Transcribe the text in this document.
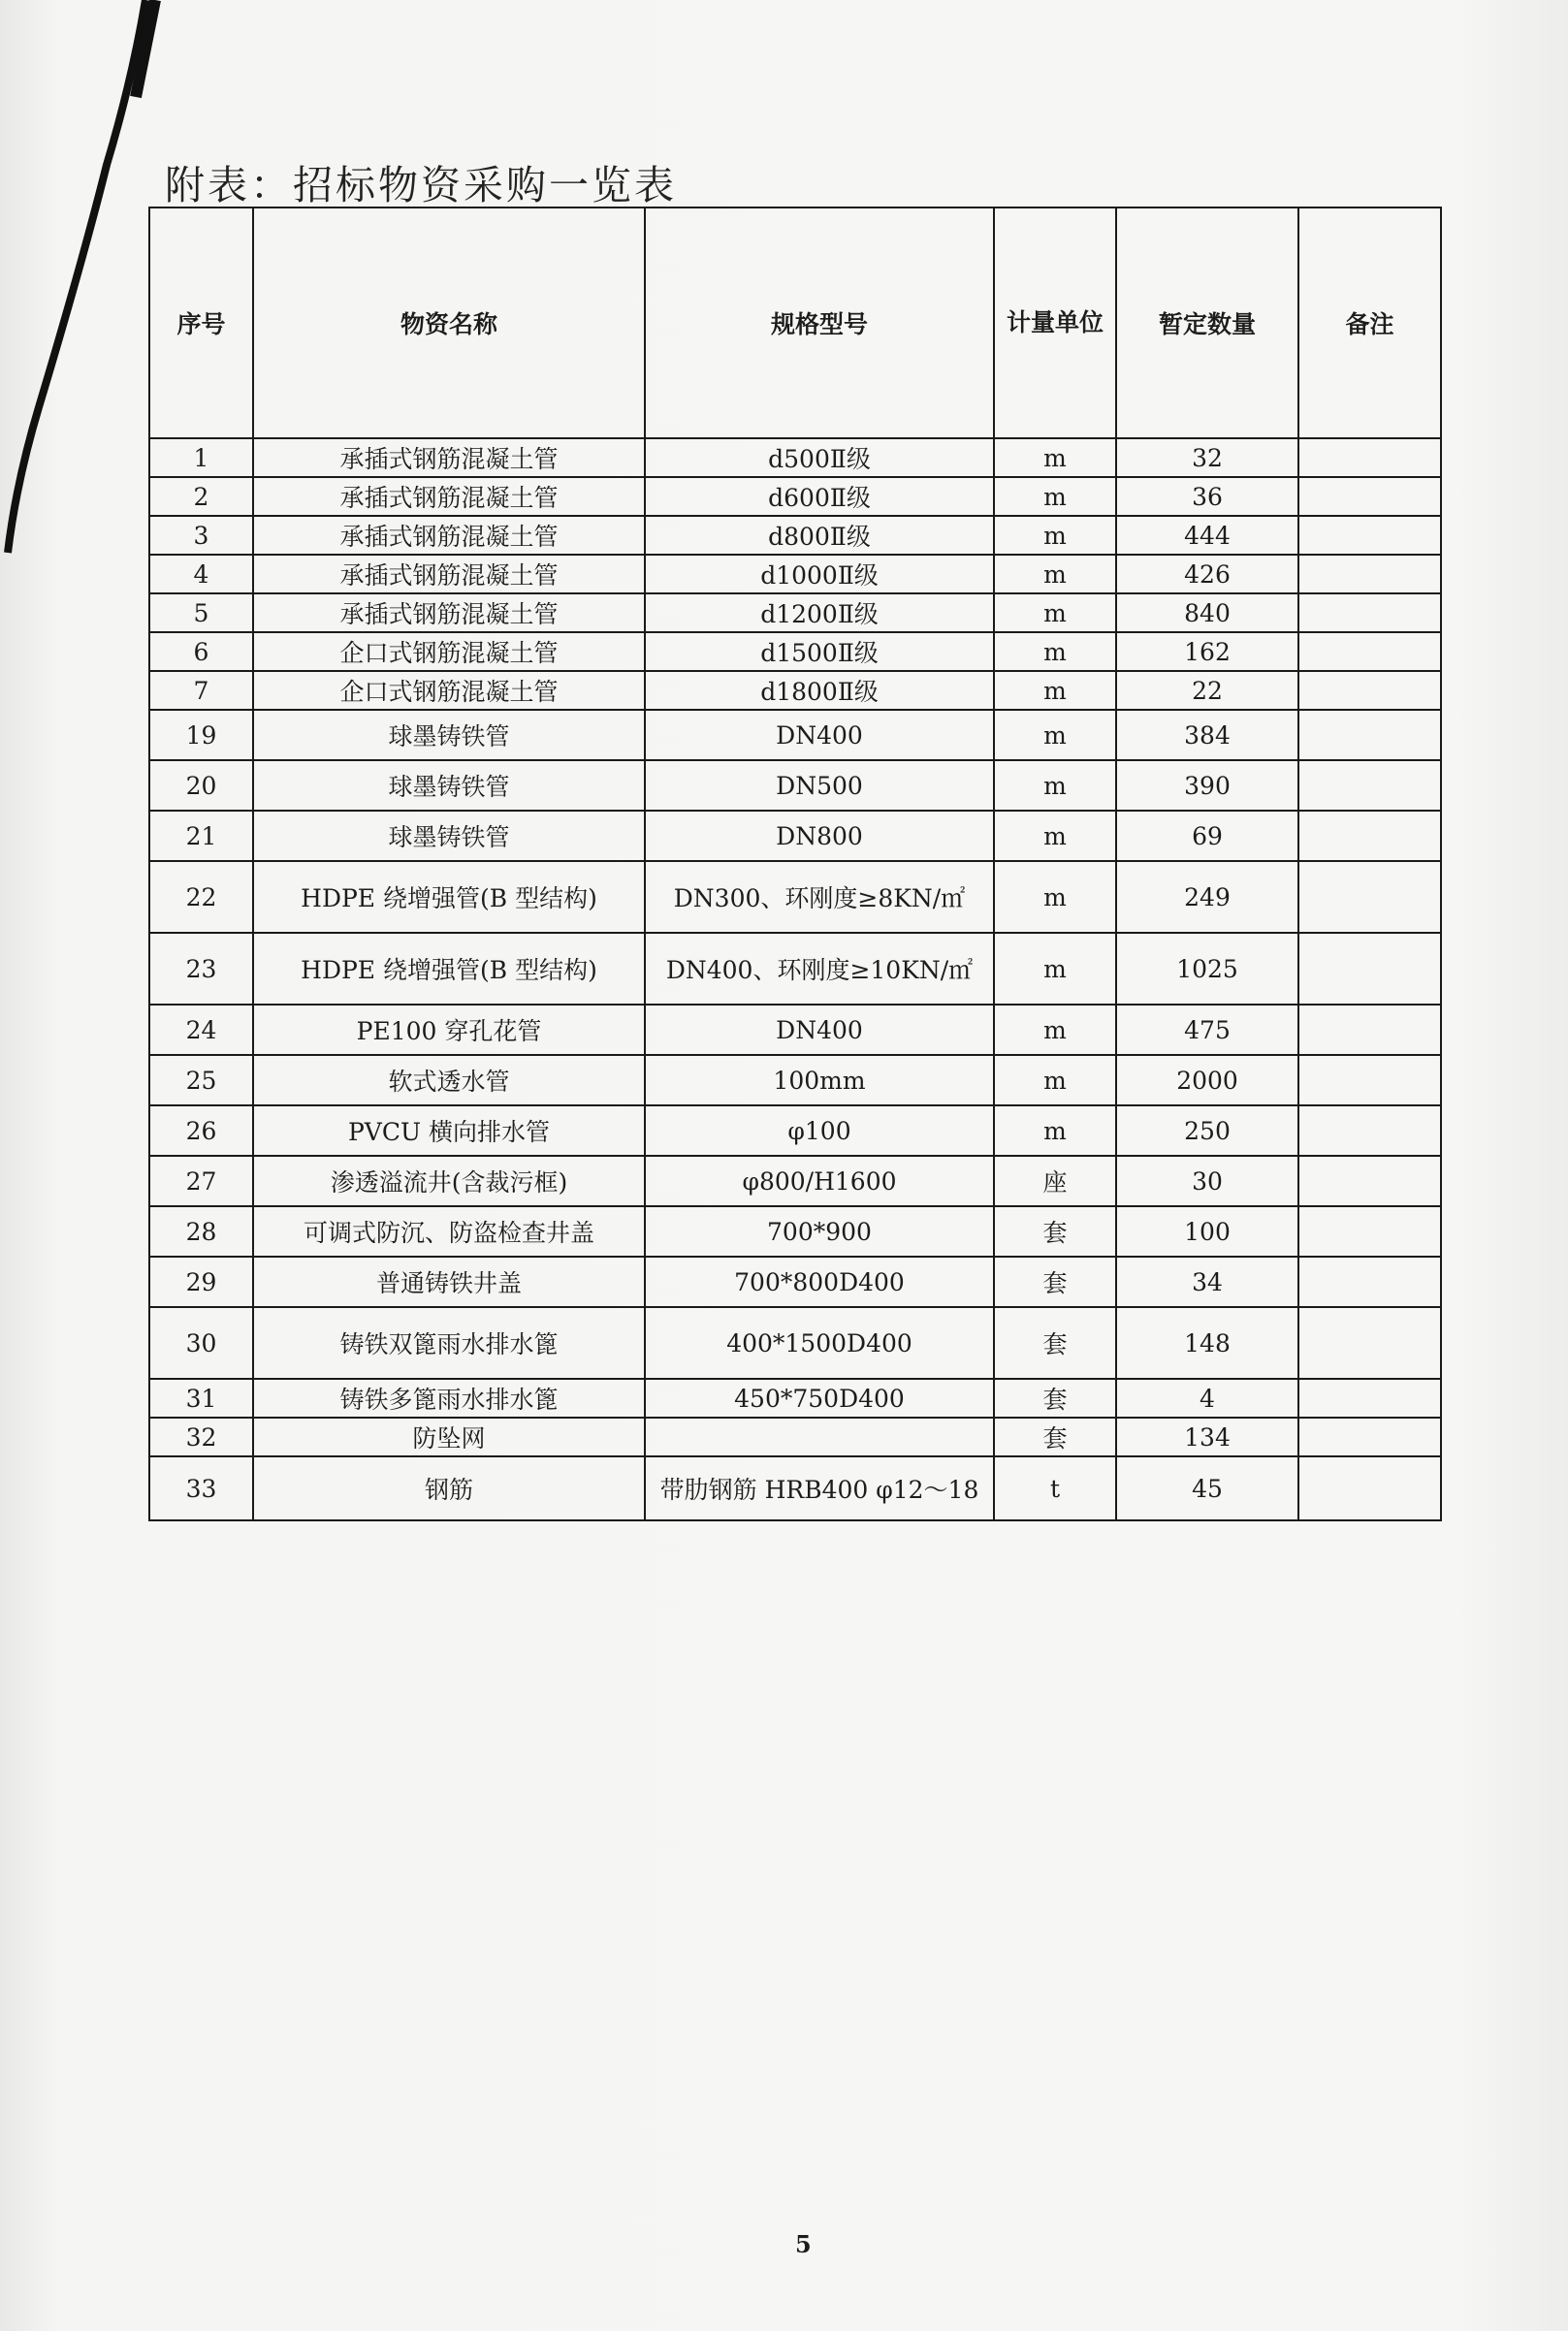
附表：招标物资采购一览表
序号	物资名称	规格型号	计量单位	暂定数量	备注
1	承插式钢筋混凝土管	d500Ⅱ级	m	32	
2	承插式钢筋混凝土管	d600Ⅱ级	m	36	
3	承插式钢筋混凝土管	d800Ⅱ级	m	444	
4	承插式钢筋混凝土管	d1000Ⅱ级	m	426	
5	承插式钢筋混凝土管	d1200Ⅱ级	m	840	
6	企口式钢筋混凝土管	d1500Ⅱ级	m	162	
7	企口式钢筋混凝土管	d1800Ⅱ级	m	22	
19	球墨铸铁管	DN400	m	384	
20	球墨铸铁管	DN500	m	390	
21	球墨铸铁管	DN800	m	69	
22	HDPE 绕增强管(B 型结构)	DN300、环刚度≥8KN/㎡	m	249	
23	HDPE 绕增强管(B 型结构)	DN400、环刚度≥10KN/㎡	m	1025	
24	PE100 穿孔花管	DN400	m	475	
25	软式透水管	100mm	m	2000	
26	PVCU 横向排水管	φ100	m	250	
27	渗透溢流井(含裁污框)	φ800/H1600	座	30	
28	可调式防沉、防盗检查井盖	700*900	套	100	
29	普通铸铁井盖	700*800D400	套	34	
30	铸铁双篦雨水排水篦	400*1500D400	套	148	
31	铸铁多篦雨水排水篦	450*750D400	套	4	
32	防坠网		套	134	
33	钢筋	带肋钢筋 HRB400 φ12～18	t	45	
5
